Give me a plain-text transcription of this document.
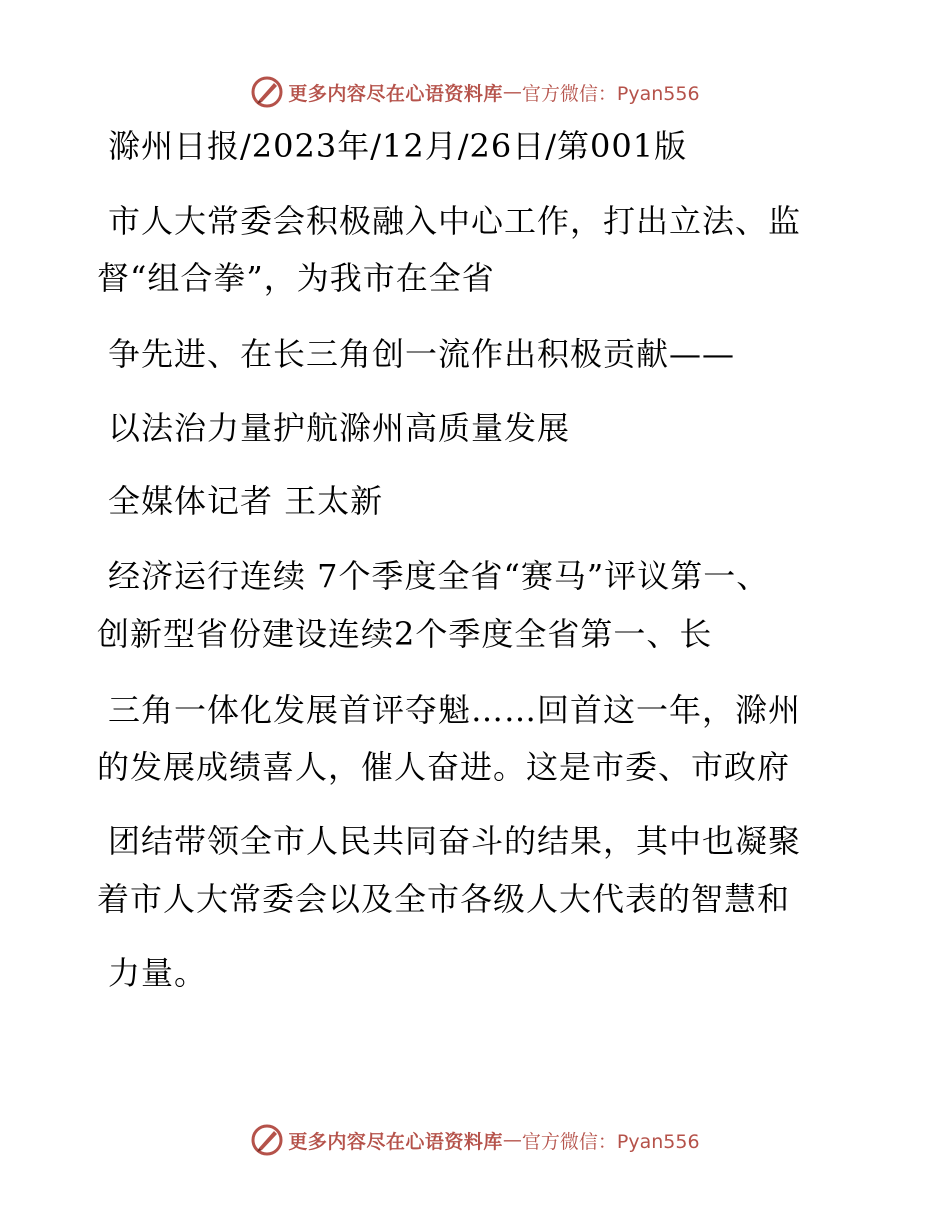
更多内容尽在心语资料库 — 官方微信：Pyan556
滁州日报/2023年/12月/26日/第001版
市人大常委会积极融入中心工作，打出立法、监
督“组合拳”，为我市在全省
争先进、在长三角创一流作出积极贡献——
以法治力量护航滁州高质量发展
全媒体记者 王太新
经济运行连续 7个季度全省“赛马”评议第一、
创新型省份建设连续2个季度全省第一、长
三角一体化发展首评夺魁……回首这一年，滁州
的发展成绩喜人，催人奋进。这是市委、市政府
团结带领全市人民共同奋斗的结果，其中也凝聚
着市人大常委会以及全市各级人大代表的智慧和
力量。
更多内容尽在心语资料库 — 官方微信：Pyan556
